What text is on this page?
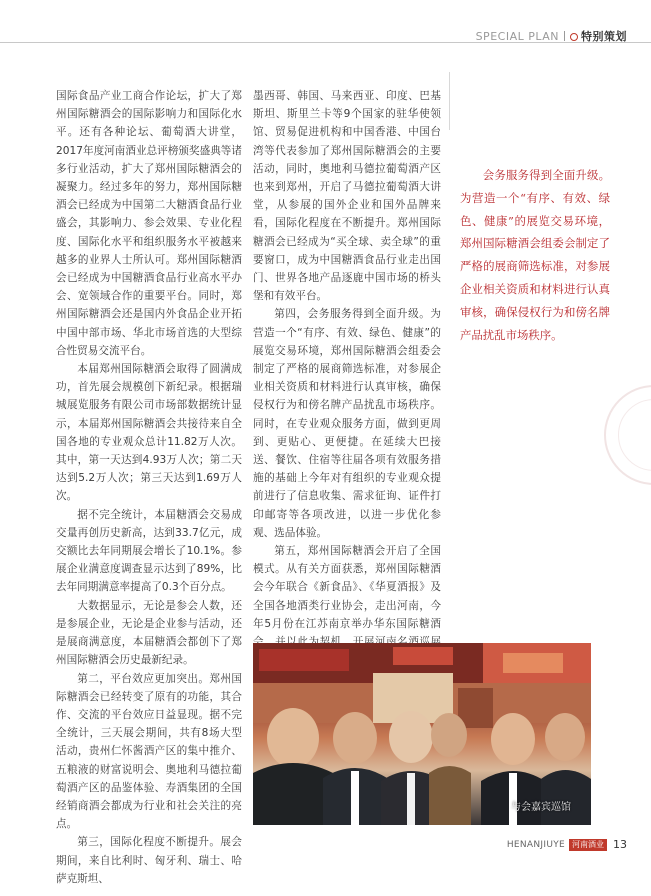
SPECIAL PLAN 特别策划

国际食品产业工商合作论坛，扩大了郑州国际糖酒会的国际影响力和国际化水平。还有各种论坛、葡萄酒大讲堂，2017年度河南酒业总评榜颁奖盛典等诸多行业活动，扩大了郑州国际糖酒会的凝聚力。经过多年的努力，郑州国际糖酒会已经成为中国第二大糖酒食品行业盛会，其影响力、参会效果、专业化程度、国际化水平和组织服务水平被越来越多的业界人士所认可。郑州国际糖酒会已经成为中国糖酒食品行业高水平办会、宽领域合作的重要平台。同时，郑州国际糖酒会还是国内外食品企业开拓中国中部市场、华北市场首选的大型综合性贸易交流平台。

本届郑州国际糖酒会取得了圆满成功，首先展会规模创下新纪录。根据瑞城展览服务有限公司市场部数据统计显示，本届郑州国际糖酒会共接待来自全国各地的专业观众总计11.82万人次。其中，第一天达到4.93万人次；第二天达到5.2万人次；第三天达到1.69万人次。

据不完全统计，本届糖酒会交易成交量再创历史新高，达到33.7亿元，成交额比去年同期展会增长了10.1%。参展企业满意度调查显示达到了89%，比去年同期满意率提高了0.3个百分点。

大数据显示，无论是参会人数，还是参展企业，无论是企业参与活动，还是展商满意度，本届糖酒会都创下了郑州国际糖酒会历史最新纪录。

第二，平台效应更加突出。郑州国际糖酒会已经转变了原有的功能，其合作、交流的平台效应日益显现。据不完全统计，三天展会期间，共有8场大型活动，贵州仁怀酱酒产区的集中推介、五粮液的财富说明会、奥地利马德拉葡萄酒产区的品鉴体验、寿酒集团的全国经销商酒会都成为行业和社会关注的亮点。

第三，国际化程度不断提升。展会期间，来自比利时、匈牙利、瑞士、哈萨克斯坦、

墨西哥、韩国、马来西亚、印度、巴基斯坦、斯里兰卡等9个国家的驻华使领馆、贸易促进机构和中国香港、中国台湾等代表参加了郑州国际糖酒会的主要活动，同时，奥地利马德拉葡萄酒产区也来到郑州，开启了马德拉葡萄酒大讲堂，从参展的国外企业和国外品牌来看，国际化程度在不断提升。郑州国际糖酒会已经成为“买全球、卖全球”的重要窗口，成为中国糖酒食品行业走出国门、世界各地产品逐鹿中国市场的桥头堡和有效平台。

第四，会务服务得到全面升级。为营造一个“有序、有效、绿色、健康”的展览交易环境，郑州国际糖酒会组委会制定了严格的展商筛选标准，对参展企业相关资质和材料进行认真审核，确保侵权行为和傍名牌产品扰乱市场秩序。同时，在专业观众服务方面，做到更周到、更贴心、更便捷。在延续大巴接送、餐饮、住宿等往届各项有效服务措施的基础上今年对有组织的专业观众提前进行了信息收集、需求征询、证件打印邮寄等各项改进，以进一步优化参观、选品体验。

第五，郑州国际糖酒会开启了全国模式。从有关方面获悉，郑州国际糖酒会今年联合《新食品》、《华夏酒报》及全国各地酒类行业协会，走出河南，今年5月份在江苏南京举办华东国际糖酒

会务服务得到全面升级。为营造一个“有序、有效、绿色、健康”的展览交易环境，郑州国际糖酒会组委会制定了严格的展商筛选标准，对参展企业相关资质和材料进行认真审核，确保侵权行为和傍名牌产品扰乱市场秩序。
与会嘉宾巡馆
HENANJIUYE 河南酒业 13
